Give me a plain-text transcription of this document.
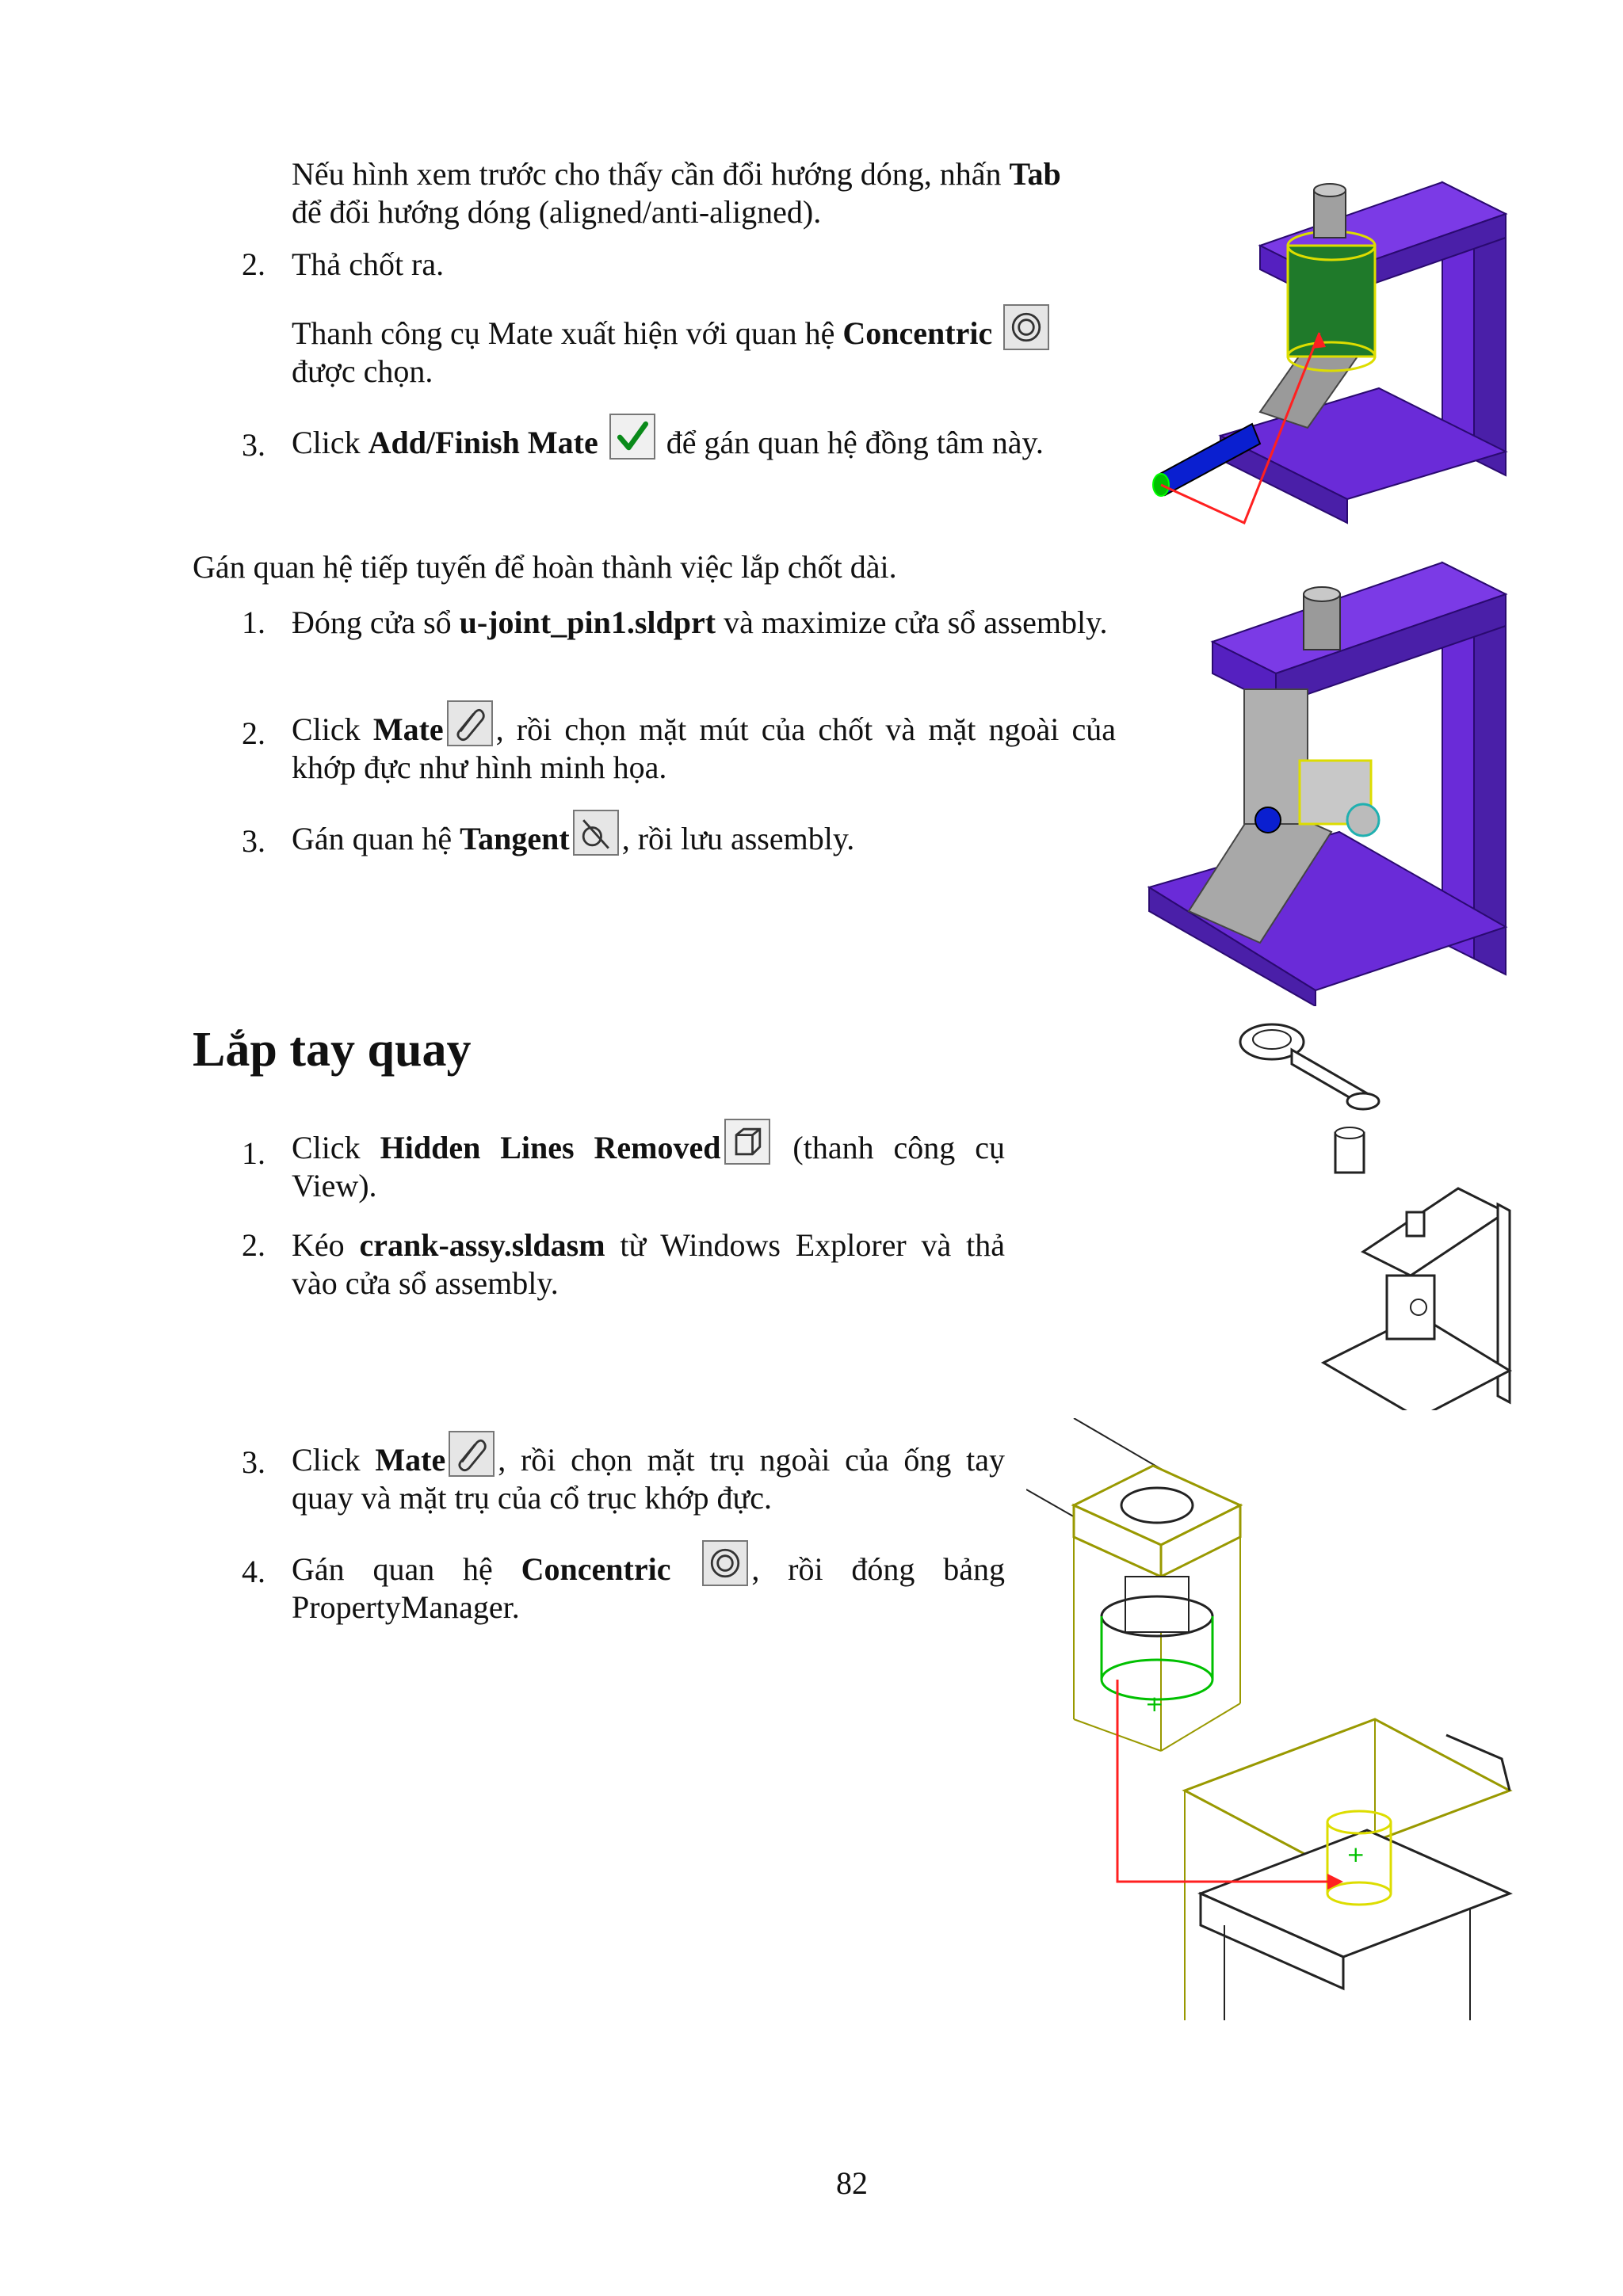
Nếu hình xem trước cho thấy cần đổi hướng dóng, nhấn Tab
để đổi hướng dóng (aligned/anti-aligned).
2. Thả chốt ra.
Thanh công cụ Mate xuất hiện với quan hệ Concentric

được chọn.
3. Click Add/Finish Mate để gán quan hệ đồng tâm này.
Gán quan hệ tiếp tuyến để hoàn thành việc lắp chốt dài.
1. Đóng cửa sổ u-joint_pin1.sldprt và maximize cửa sổ assembly.
2. Click Mate , rồi chọn mặt mút của chốt và mặt ngoài của khớp đực như hình minh họa.
3. Gán quan hệ Tangent , rồi lưu assembly.
Lắp tay quay
1. Click Hidden Lines Removed
(thanh công cụ View).
2. Kéo crank-assy.sldasm từ Windows Explorer và thả vào cửa sổ assembly.
3. Click Mate , rồi chọn mặt trụ ngoài của ống tay quay và mặt trụ của cổ trục khớp đực.
4. Gán quan hệ Concentric	, rồi đóng bảng PropertyManager.
+
+
82
